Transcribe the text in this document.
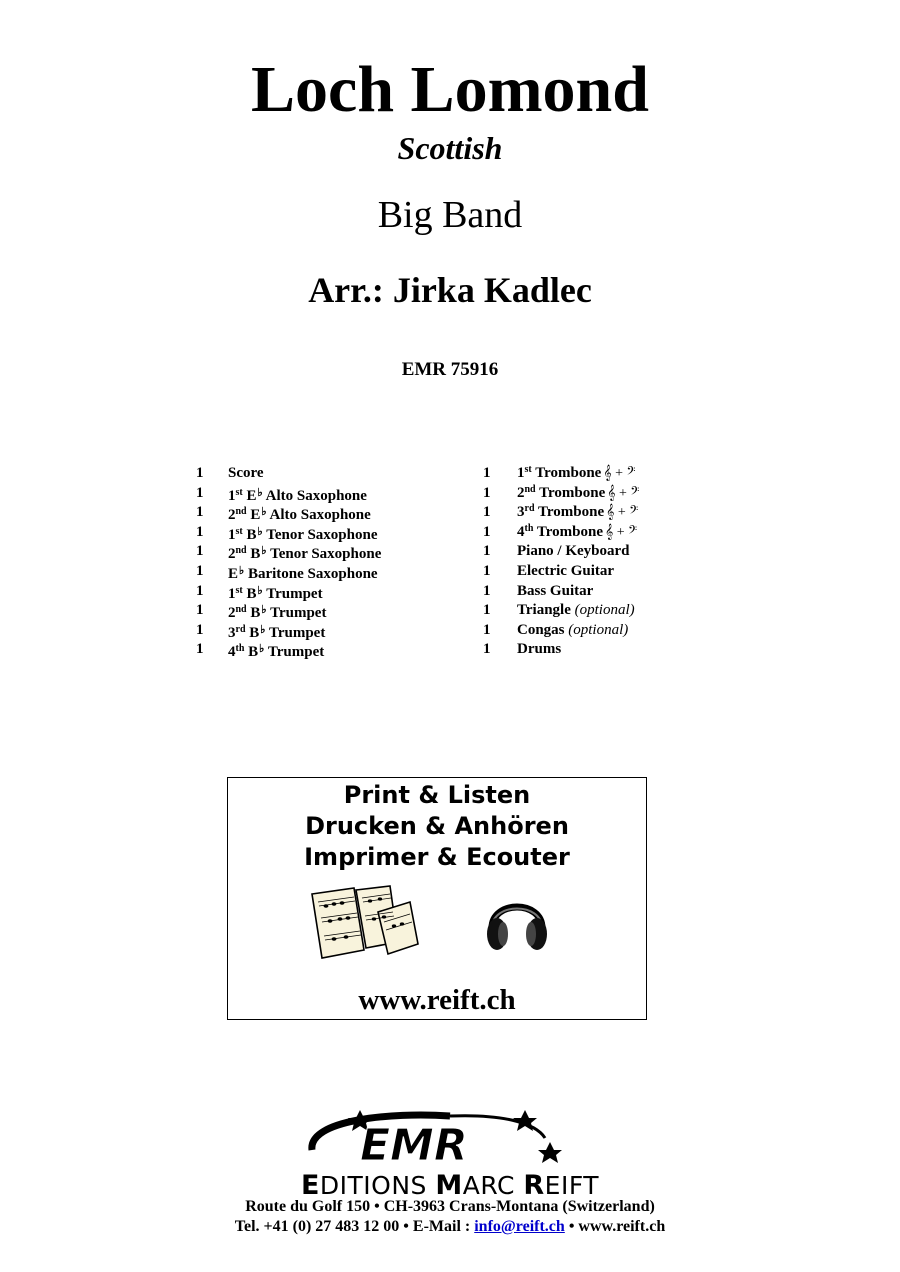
Loch Lomond
Scottish
Big Band
Arr.: Jirka Kadlec
EMR 75916
1 Score
1 1st E♭ Alto Saxophone
1 2nd E♭ Alto Saxophone
1 1st B♭ Tenor Saxophone
1 2nd B♭ Tenor Saxophone
1 E♭ Baritone Saxophone
1 1st B♭ Trumpet
1 2nd B♭ Trumpet
1 3rd B♭ Trumpet
1 4th B♭ Trumpet
1 1st Trombone 𝄞 + 𝄢
1 2nd Trombone 𝄞 + 𝄢
1 3rd Trombone 𝄞 + 𝄢
1 4th Trombone 𝄞 + 𝄢
1 Piano / Keyboard
1 Electric Guitar
1 Bass Guitar
1 Triangle (optional)
1 Congas (optional)
1 Drums
Print & Listen
Drucken & Anhören
Imprimer & Ecouter
www.reift.ch
EMR
EDITIONS MARC REIFT
Route du Golf 150 • CH-3963 Crans-Montana (Switzerland)
Tel. +41 (0) 27 483 12 00 • E-Mail : info@reift.ch • www.reift.ch
